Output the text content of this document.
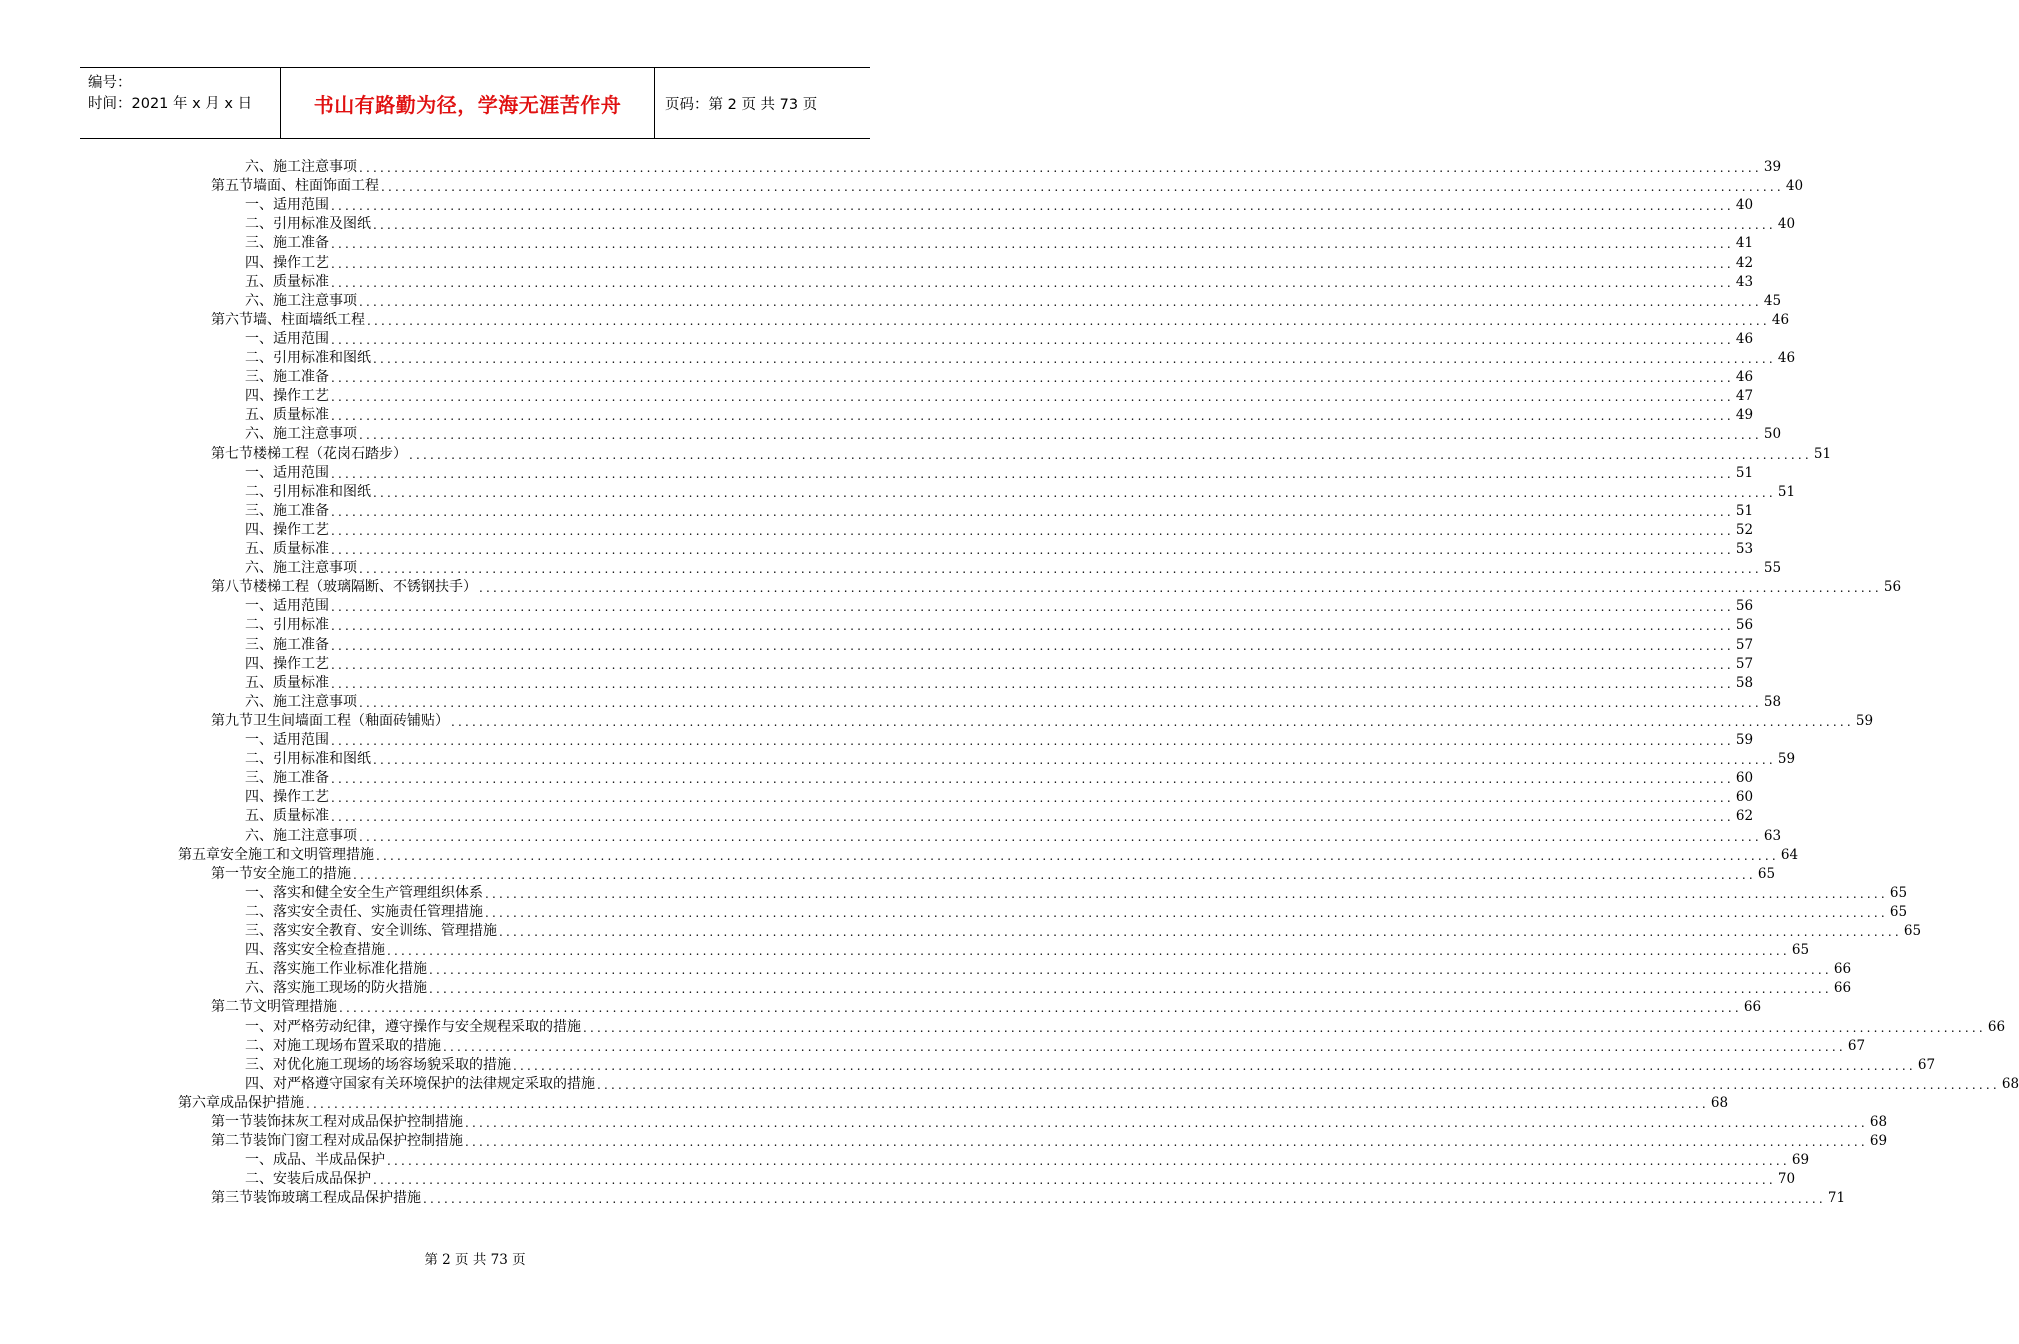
编号：
时间：2021 年 x 月 x 日	书山有路勤为径，学海无涯苦作舟	页码：第 2 页 共 73 页
六、 施工注意事项 ........................................................................................................................................................................................................ 39
第五节 墙面、柱面饰面工程 ........................................................................................................................................................................................................ 40
一、 适用范围 ........................................................................................................................................................................................................ 40
二、 引用标准及图纸 ........................................................................................................................................................................................................ 40
三、 施工准备 ........................................................................................................................................................................................................ 41
四、 操作工艺 ........................................................................................................................................................................................................ 42
五、 质量标准 ........................................................................................................................................................................................................ 43
六、 施工注意事项 ........................................................................................................................................................................................................ 45
第六节 墙、柱面墙纸工程 ........................................................................................................................................................................................................ 46
一、 适用范围 ........................................................................................................................................................................................................ 46
二、 引用标准和图纸 ........................................................................................................................................................................................................ 46
三、 施工准备 ........................................................................................................................................................................................................ 46
四、 操作工艺 ........................................................................................................................................................................................................ 47
五、 质量标准 ........................................................................................................................................................................................................ 49
六、 施工注意事项 ........................................................................................................................................................................................................ 50
第七节 楼梯工程（花岗石踏步） ........................................................................................................................................................................................................ 51
一、 适用范围 ........................................................................................................................................................................................................ 51
二、 引用标准和图纸 ........................................................................................................................................................................................................ 51
三、 施工准备 ........................................................................................................................................................................................................ 51
四、 操作工艺 ........................................................................................................................................................................................................ 52
五、 质量标准 ........................................................................................................................................................................................................ 53
六、 施工注意事项 ........................................................................................................................................................................................................ 55
第八节 楼梯工程（玻璃隔断、不锈钢扶手） ........................................................................................................................................................................................................ 56
一、 适用范围 ........................................................................................................................................................................................................ 56
二、 引用标准 ........................................................................................................................................................................................................ 56
三、 施工准备 ........................................................................................................................................................................................................ 57
四、 操作工艺 ........................................................................................................................................................................................................ 57
五、 质量标准 ........................................................................................................................................................................................................ 58
六、 施工注意事项 ........................................................................................................................................................................................................ 58
第九节 卫生间墙面工程（釉面砖铺贴） ........................................................................................................................................................................................................ 59
一、 适用范围 ........................................................................................................................................................................................................ 59
二、 引用标准和图纸 ........................................................................................................................................................................................................ 59
三、 施工准备 ........................................................................................................................................................................................................ 60
四、 操作工艺 ........................................................................................................................................................................................................ 60
五、 质量标准 ........................................................................................................................................................................................................ 62
六、 施工注意事项 ........................................................................................................................................................................................................ 63
第五章 安全施工和文明管理措施 ........................................................................................................................................................................................................ 64
第一节 安全施工的措施 ........................................................................................................................................................................................................ 65
一、 落实和健全安全生产管理组织体系 ........................................................................................................................................................................................................ 65
二、 落实安全责任、实施责任管理措施 ........................................................................................................................................................................................................ 65
三、 落实安全教育、安全训练、管理措施 ........................................................................................................................................................................................................ 65
四、 落实安全检查措施 ........................................................................................................................................................................................................ 65
五、 落实施工作业标准化措施 ........................................................................................................................................................................................................ 66
六、 落实施工现场的防火措施 ........................................................................................................................................................................................................ 66
第二节 文明管理措施 ........................................................................................................................................................................................................ 66
一、 对严格劳动纪律，遵守操作与安全规程采取的措施 ........................................................................................................................................................................................................ 66
二、 对施工现场布置采取的措施 ........................................................................................................................................................................................................ 67
三、 对优化施工现场的场容场貌采取的措施 ........................................................................................................................................................................................................ 67
四、 对严格遵守国家有关环境保护的法律规定采取的措施 ........................................................................................................................................................................................................ 68
第六章 成品保护措施 ........................................................................................................................................................................................................ 68
第一节 装饰抹灰工程对成品保护控制措施 ........................................................................................................................................................................................................ 68
第二节 装饰门窗工程对成品保护控制措施 ........................................................................................................................................................................................................ 69
一、 成品、半成品保护 ........................................................................................................................................................................................................ 69
二、 安装后成品保护 ........................................................................................................................................................................................................ 70
第三节 装饰玻璃工程成品保护措施 ........................................................................................................................................................................................................ 71
第 2 页 共 73 页
